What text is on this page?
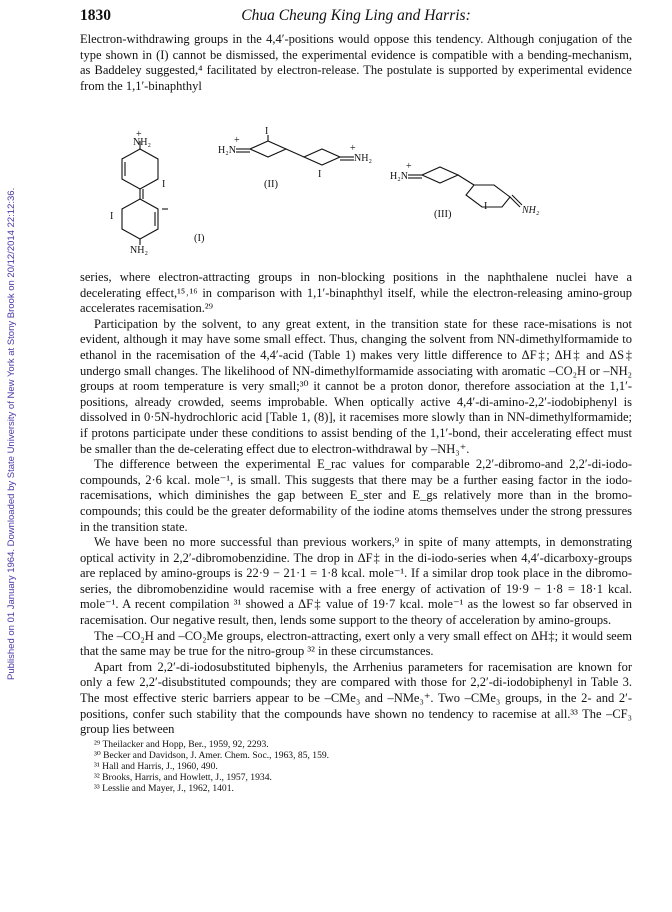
Published on 01 January 1964. Downloaded by State University of New York at Stony Brook on 20/12/2014 22:12:36.
1830	Chua Cheung King Ling and Harris:

Electron-withdrawing groups in the 4,4′-positions would oppose this tendency. Although conjugation of the type shown in (I) cannot be dismissed, the experimental evidence is compatible with a bending-mechanism, as Baddeley suggested,⁴ facilitated by electron-release. The postulate is supported by experimental evidence from the 1,1′-binaphthyl

+
NH₂
I
I
NH₂
(I)
+
H₂N
I
I
+
NH₂
(II)
+
H₂N
I	NH₂
(III)

series, where electron-attracting groups in non-blocking positions in the naphthalene nuclei have a decelerating effect,¹⁵˒¹⁶ in comparison with 1,1′-binaphthyl itself, while the electron-releasing amino-group accelerates racemisation.²⁹

Participation by the solvent, to any great extent, in the transition state for these race-misations is not evident, although it may have some small effect. Thus, changing the solvent from NN-dimethylformamide to ethanol in the racemisation of the 4,4′-acid (Table 1) makes very little difference to ΔF‡; ΔH‡ and ΔS‡ undergo small changes. The likelihood of NN-dimethylformamide associating with aromatic –CO₂H or –NH₂ groups at room temperature is very small;³⁰ it cannot be a proton donor, therefore association at the 1,1′-positions, already crowded, seems improbable. When optically active 4,4′-di-amino-2,2′-iodobiphenyl is dissolved in 0·5N-hydrochloric acid [Table 1, (8)], it racemises more slowly than in NN-dimethylformamide; if protons participate under these conditions to assist bending of the 1,1′-bond, their accelerating effect must be smaller than the de-celerating effect due to electron-withdrawal by –NH₃⁺.

The difference between the experimental E_rac values for comparable 2,2′-dibromo-and 2,2′-di-iodo-compounds, 2·6 kcal. mole⁻¹, is small. This suggests that there may be a further easing factor in the iodo-racemisations, which diminishes the gap between E_ster and E_gs relatively more than in the bromo-compounds; this could be the greater deformability of the iodine atoms themselves under the strong pressures in the transition state.

We have been no more successful than previous workers,⁹ in spite of many attempts, in demonstrating optical activity in 2,2′-dibromobenzidine. The drop in ΔF‡ in the di-iodo-series when 4,4′-dicarboxy-groups are replaced by amino-groups is 22·9 − 21·1 = 1·8 kcal. mole⁻¹. If a similar drop took place in the dibromo-series, the dibromobenzidine would racemise with a free energy of activation of 19·9 − 1·8 = 18·1 kcal. mole⁻¹. A recent compilation ³¹ showed a ΔF‡ value of 19·7 kcal. mole⁻¹ as the lowest so far observed in racemisation. Our negative result, then, lends some support to the theory of acceleration by amino-groups.

The –CO₂H and –CO₂Me groups, electron-attracting, exert only a very small effect on ΔH‡; it would seem that the same may be true for the nitro-group ³² in these circumstances.

Apart from 2,2′-di-iodosubstituted biphenyls, the Arrhenius parameters for racemisation are known for only a few 2,2′-disubstituted compounds; they are compared with those for 2,2′-di-iodobiphenyl in Table 3. The most effective steric barriers appear to be –CMe₃ and –NMe₃⁺. Two –CMe₃ groups, in the 2- and 2′-positions, confer such stability that the compounds have shown no tendency to racemise at all.³³ The –CF₃ group lies between

²⁹ Theilacker and Hopp, Ber., 1959, 92, 2293.
³⁰ Becker and Davidson, J. Amer. Chem. Soc., 1963, 85, 159.
³¹ Hall and Harris, J., 1960, 490.
³² Brooks, Harris, and Howlett, J., 1957, 1934.
³³ Lesslie and Mayer, J., 1962, 1401.
